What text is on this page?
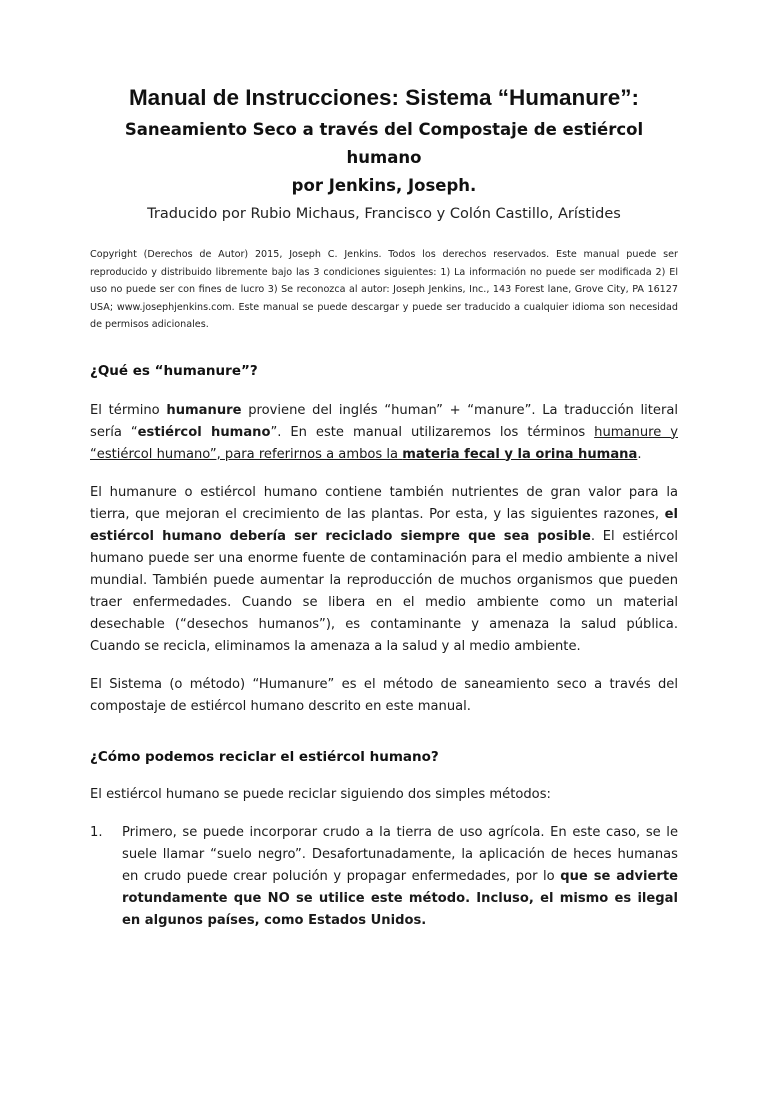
Manual de Instrucciones: Sistema “Humanure”:
Saneamiento Seco a través del Compostaje de estiércol humano
por Jenkins, Joseph.
Traducido por Rubio Michaus, Francisco y Colón Castillo, Arístides

Copyright (Derechos de Autor) 2015, Joseph C. Jenkins. Todos los derechos reservados. Este manual puede ser reproducido y distribuido libremente bajo las 3 condiciones siguientes: 1) La información no puede ser modificada 2) El uso no puede ser con fines de lucro 3) Se reconozca al autor: Joseph Jenkins, Inc., 143 Forest lane, Grove City, PA 16127 USA; www.josephjenkins.com. Este manual se puede descargar y puede ser traducido a cualquier idioma son necesidad de permisos adicionales.

¿Qué es “humanure”?

El término humanure proviene del inglés “human” + “manure”. La traducción literal sería “estiércol humano”. En este manual utilizaremos los términos humanure y “estiércol humano”, para referirnos a ambos la materia fecal y la orina humana.

El humanure o estiércol humano contiene también nutrientes de gran valor para la tierra, que mejoran el crecimiento de las plantas. Por esta, y las siguientes razones, el estiércol humano debería ser reciclado siempre que sea posible. El estiércol humano puede ser una enorme fuente de contaminación para el medio ambiente a nivel mundial. También puede aumentar la reproducción de muchos organismos que pueden traer enfermedades. Cuando se libera en el medio ambiente como un material desechable (“desechos humanos”), es contaminante y amenaza la salud pública. Cuando se recicla, eliminamos la amenaza a la salud y al medio ambiente.

El Sistema (o método) “Humanure” es el método de saneamiento seco a través del compostaje de estiércol humano descrito en este manual.

¿Cómo podemos reciclar el estiércol humano?

El estiércol humano se puede reciclar siguiendo dos simples métodos:

1.	Primero, se puede incorporar crudo a la tierra de uso agrícola. En este caso, se le suele llamar “suelo negro”. Desafortunadamente, la aplicación de heces humanas en crudo puede crear polución y propagar enfermedades, por lo que se advierte rotundamente que NO se utilice este método. Incluso, el mismo es ilegal en algunos países, como Estados Unidos.
